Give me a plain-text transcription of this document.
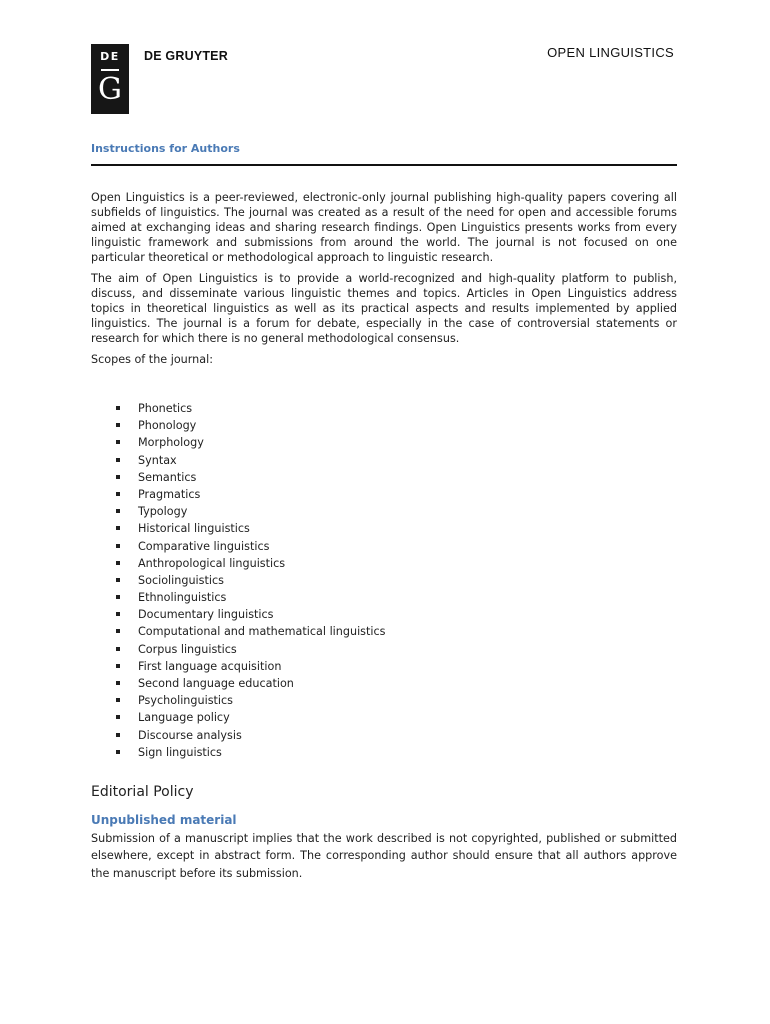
DE
G
DE GRUYTER	OPEN LINGUISTICS
Instructions for Authors

Open Linguistics is a peer-reviewed, electronic-only journal publishing high-quality papers covering all subfields of linguistics. The journal was created as a result of the need for open and accessible forums aimed at exchanging ideas and sharing research findings. Open Linguistics presents works from every linguistic framework and submissions from around the world. The journal is not focused on one particular theoretical or methodological approach to linguistic research.

The aim of Open Linguistics is to provide a world-recognized and high-quality platform to publish, discuss, and disseminate various linguistic themes and topics. Articles in Open Linguistics address topics in theoretical linguistics as well as its practical aspects and results implemented by applied linguistics. The journal is a forum for debate, especially in the case of controversial statements or research for which there is no general methodological consensus.

Scopes of the journal:

Phonetics
Phonology
Morphology
Syntax
Semantics
Pragmatics
Typology
Historical linguistics
Comparative linguistics
Anthropological linguistics
Sociolinguistics
Ethnolinguistics
Documentary linguistics
Computational and mathematical linguistics
Corpus linguistics
First language acquisition
Second language education
Psycholinguistics
Language policy
Discourse analysis
Sign linguistics
Editorial Policy
Unpublished material

Submission of a manuscript implies that the work described is not copyrighted, published or submitted elsewhere, except in abstract form. The corresponding author should ensure that all authors approve the manuscript before its submission.
